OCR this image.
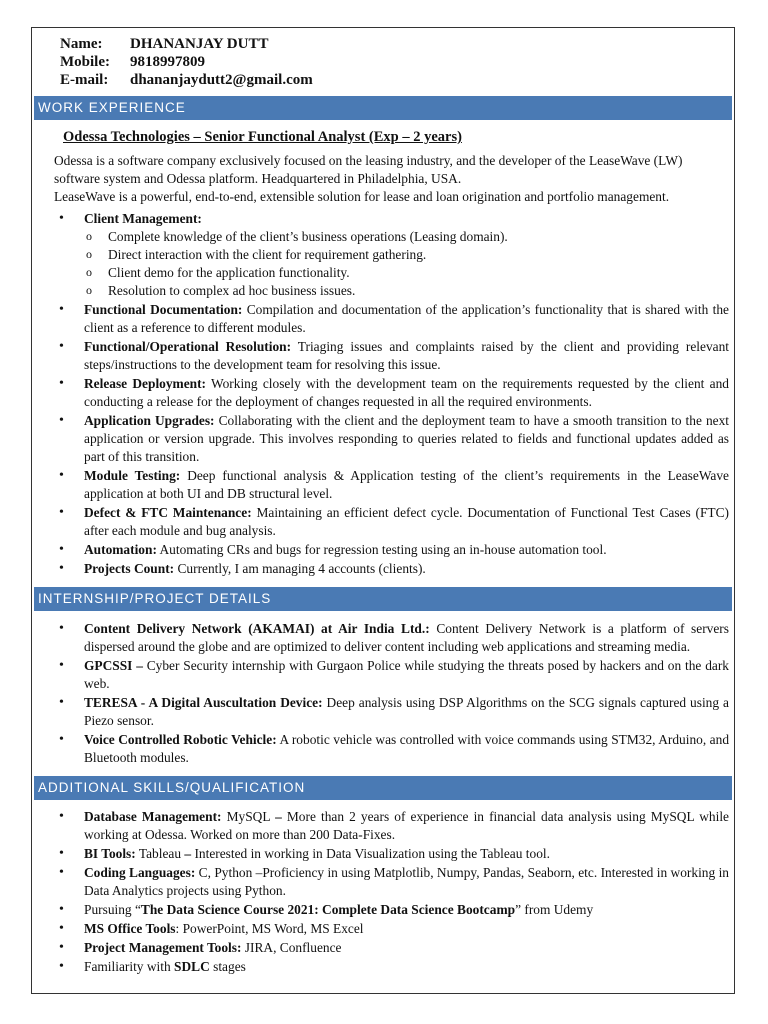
Name:	DHANANJAY DUTT
Mobile:	9818997809
E-mail:	dhananjaydutt2@gmail.com
WORK EXPERIENCE
Odessa Technologies – Senior Functional Analyst (Exp – 2 years)

Odessa is a software company exclusively focused on the leasing industry, and the developer of the LeaseWave (LW) software system and Odessa platform. Headquartered in Philadelphia, USA.

LeaseWave is a powerful, end-to-end, extensible solution for lease and loan origination and portfolio management.

• Client Management:
o Complete knowledge of the client’s business operations (Leasing domain).
o Direct interaction with the client for requirement gathering.
o Client demo for the application functionality.
o Resolution to complex ad hoc business issues.
• Functional Documentation: Compilation and documentation of the application’s functionality that is shared with the client as a reference to different modules.
• Functional/Operational Resolution: Triaging issues and complaints raised by the client and providing relevant steps/instructions to the development team for resolving this issue.
• Release Deployment: Working closely with the development team on the requirements requested by the client and conducting a release for the deployment of changes requested in all the required environments.
• Application Upgrades: Collaborating with the client and the deployment team to have a smooth transition to the next application or version upgrade. This involves responding to queries related to fields and functional updates added as part of this transition.
• Module Testing: Deep functional analysis & Application testing of the client’s requirements in the LeaseWave application at both UI and DB structural level.
• Defect & FTC Maintenance: Maintaining an efficient defect cycle. Documentation of Functional Test Cases (FTC) after each module and bug analysis.
• Automation: Automating CRs and bugs for regression testing using an in-house automation tool.
• Projects Count: Currently, I am managing 4 accounts (clients).
INTERNSHIP/PROJECT DETAILS
• Content Delivery Network (AKAMAI) at Air India Ltd.: Content Delivery Network is a platform of servers dispersed around the globe and are optimized to deliver content including web applications and streaming media.
• GPCSSI – Cyber Security internship with Gurgaon Police while studying the threats posed by hackers and on the dark web.
• TERESA - A Digital Auscultation Device: Deep analysis using DSP Algorithms on the SCG signals captured using a Piezo sensor.
• Voice Controlled Robotic Vehicle: A robotic vehicle was controlled with voice commands using STM32, Arduino, and Bluetooth modules.
ADDITIONAL SKILLS/QUALIFICATION
• Database Management: MySQL – More than 2 years of experience in financial data analysis using MySQL while working at Odessa. Worked on more than 200 Data-Fixes.
• BI Tools: Tableau – Interested in working in Data Visualization using the Tableau tool.
• Coding Languages: C, Python –Proficiency in using Matplotlib, Numpy, Pandas, Seaborn, etc. Interested in working in Data Analytics projects using Python.
• Pursuing “The Data Science Course 2021: Complete Data Science Bootcamp” from Udemy
• MS Office Tools: PowerPoint, MS Word, MS Excel
• Project Management Tools: JIRA, Confluence
• Familiarity with SDLC stages
